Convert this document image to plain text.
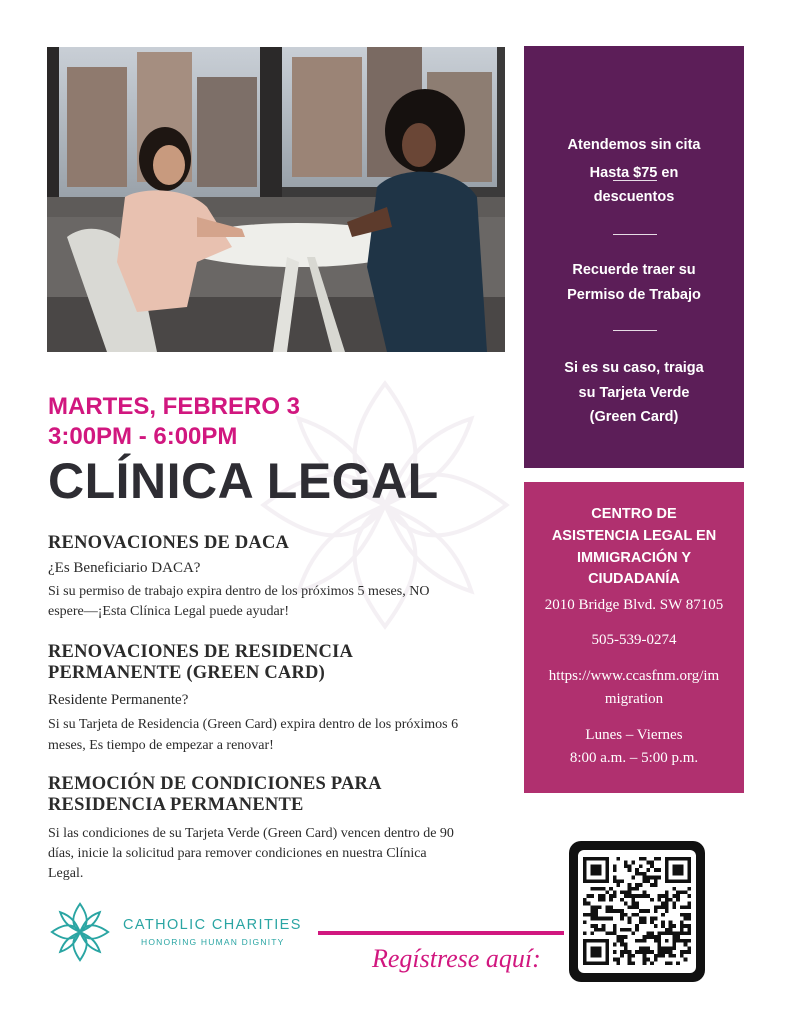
Atendemos sin cita
Hasta $75 en
descuentos
Recuerde traer su
Permiso de Trabajo
Si es su caso, traiga
su Tarjeta Verde
(Green Card)
MARTES, FEBRERO 3
3:00PM - 6:00PM
CLÍNICA LEGAL
RENOVACIONES DE DACA
¿Es Beneficiario DACA?
Si su permiso de trabajo expira dentro de los próximos 5 meses, NO
espere—¡Esta Clínica Legal puede ayudar!
RENOVACIONES DE RESIDENCIA
PERMANENTE (GREEN CARD)
Residente Permanente?
Si su Tarjeta de Residencia (Green Card) expira dentro de los próximos 6
meses, Es tiempo de empezar a renovar!
REMOCIÓN DE CONDICIONES PARA
RESIDENCIA PERMANENTE
Si las condiciones de su Tarjeta Verde (Green Card) vencen dentro de 90
días, inicie la solicitud para remover condiciones en nuestra Clínica
Legal.
CENTRO DE
ASISTENCIA LEGAL EN
IMMIGRACIÓN Y
CIUDADANÍA
2010 Bridge Blvd. SW 87105
505-539-0274
https://www.ccasfnm.org/im
migration
Lunes – Viernes
8:00 a.m. – 5:00 p.m.
CATHOLIC CHARITIES
HONORING HUMAN DIGNITY
Regístrese aquí:
